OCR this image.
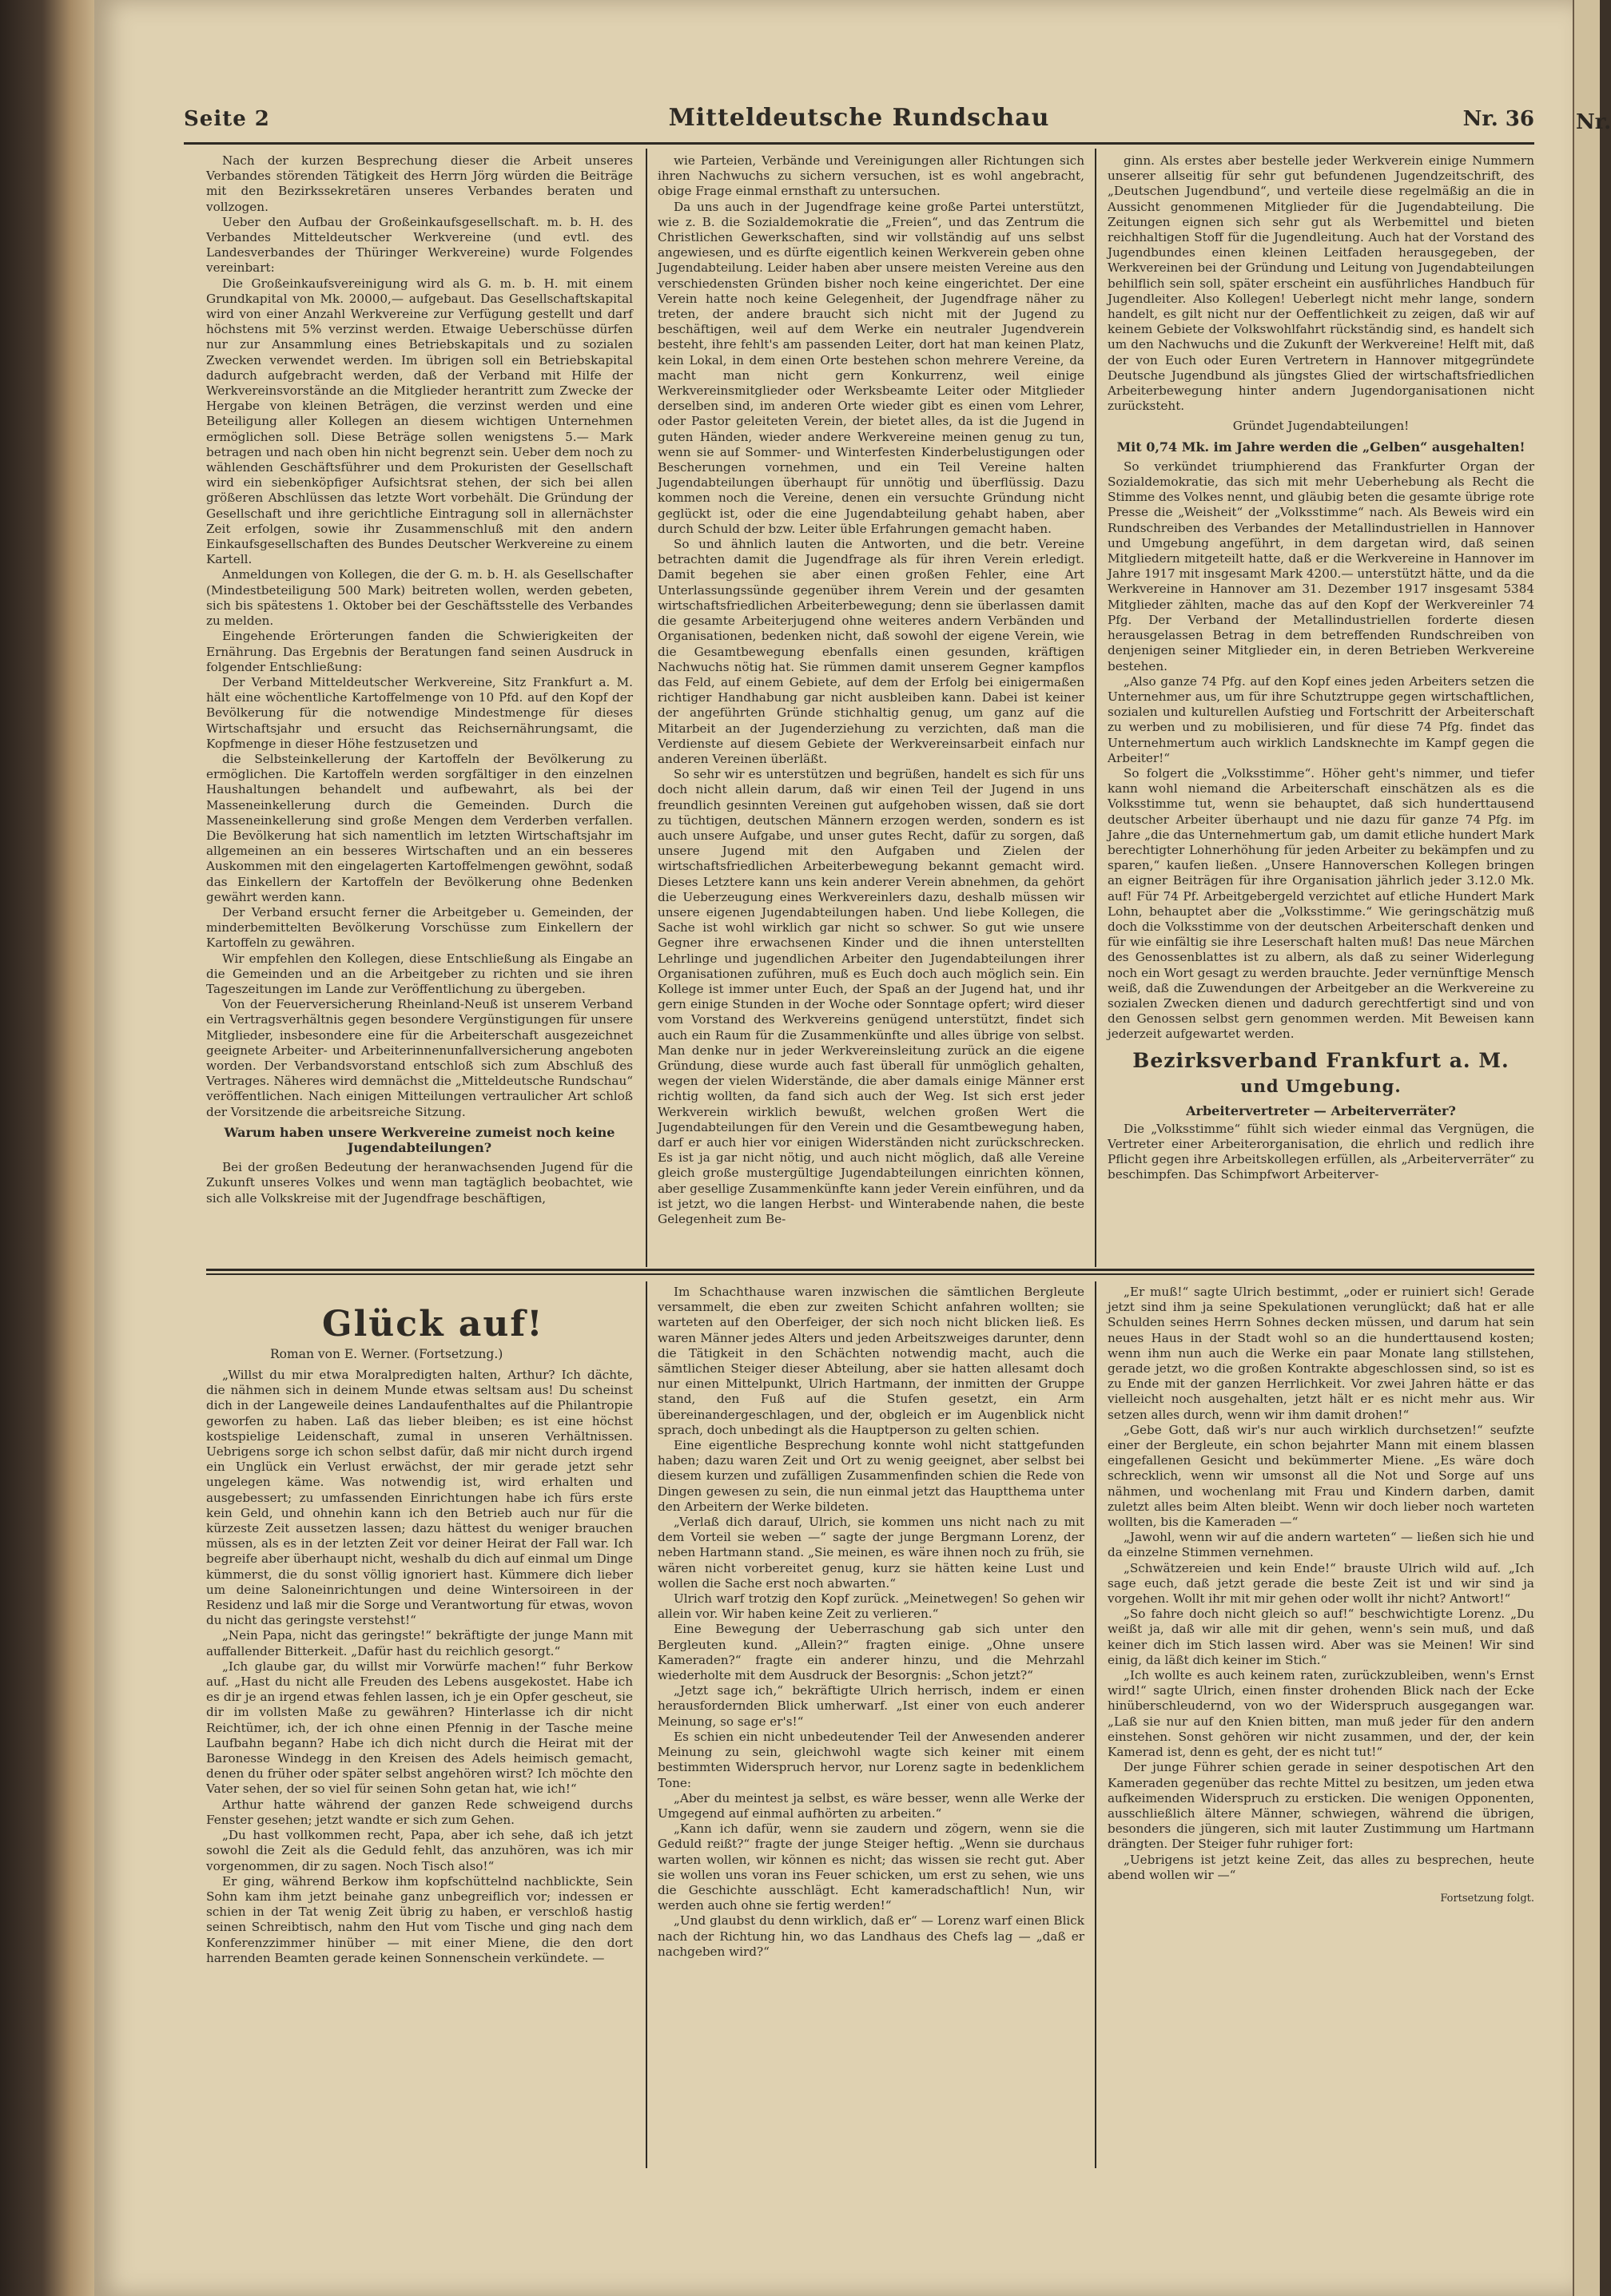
Seite 2	Mitteldeutsche Rundschau	Nr. 36

Nach der kurzen Besprechung dieser die Arbeit unseres Verbandes störenden Tätigkeit des Herrn Jörg würden die Beiträge mit den Bezirkssekretären unseres Verbandes beraten und vollzogen.

Ueber den Aufbau der Großeinkaufsgesellschaft. m. b. H. des Verbandes Mitteldeutscher Werkvereine (und evtl. des Landesverbandes der Thüringer Werkvereine) wurde Folgendes vereinbart:

Die Großeinkaufsvereinigung wird als G. m. b. H. mit einem Grundkapital von Mk. 20000,— aufgebaut. Das Gesellschaftskapital wird von einer Anzahl Werkvereine zur Verfügung gestellt und darf höchstens mit 5% verzinst werden. Etwaige Ueberschüsse dürfen nur zur Ansammlung eines Betriebskapitals und zu sozialen Zwecken verwendet werden. Im übrigen soll ein Betriebskapital dadurch aufgebracht werden, daß der Verband mit Hilfe der Werkvereinsvorstände an die Mitglieder herantritt zum Zwecke der Hergabe von kleinen Beträgen, die verzinst werden und eine Beteiligung aller Kollegen an diesem wichtigen Unternehmen ermöglichen soll. Diese Beträge sollen wenigstens 5.— Mark betragen und nach oben hin nicht begrenzt sein. Ueber dem noch zu wählenden Geschäftsführer und dem Prokuristen der Gesellschaft wird ein siebenköpfiger Aufsichtsrat stehen, der sich bei allen größeren Abschlüssen das letzte Wort vorbehält. Die Gründung der Gesellschaft und ihre gerichtliche Eintragung soll in allernächster Zeit erfolgen, sowie ihr Zusammenschluß mit den andern Einkaufsgesellschaften des Bundes Deutscher Werkvereine zu einem Kartell.

Anmeldungen von Kollegen, die der G. m. b. H. als Gesellschafter (Mindestbeteiligung 500 Mark) beitreten wollen, werden gebeten, sich bis spätestens 1. Oktober bei der Geschäftsstelle des Verbandes zu melden.

Eingehende Erörterungen fanden die Schwierigkeiten der Ernährung. Das Ergebnis der Beratungen fand seinen Ausdruck in folgender Entschließung:

Der Verband Mitteldeutscher Werkvereine, Sitz Frankfurt a. M. hält eine wöchentliche Kartoffelmenge von 10 Pfd. auf den Kopf der Bevölkerung für die notwendige Mindestmenge für dieses Wirtschaftsjahr und ersucht das Reichsernährungsamt, die Kopfmenge in dieser Höhe festzusetzen und

die Selbsteinkellerung der Kartoffeln der Bevölkerung zu ermöglichen. Die Kartoffeln werden sorgfältiger in den einzelnen Haushaltungen behandelt und aufbewahrt, als bei der Masseneinkellerung durch die Gemeinden. Durch die Masseneinkellerung sind große Mengen dem Verderben verfallen. Die Bevölkerung hat sich namentlich im letzten Wirtschaftsjahr im allgemeinen an ein besseres Wirtschaften und an ein besseres Auskommen mit den eingelagerten Kartoffelmengen gewöhnt, sodaß das Einkellern der Kartoffeln der Bevölkerung ohne Bedenken gewährt werden kann.

Der Verband ersucht ferner die Arbeitgeber u. Gemeinden, der minderbemittelten Bevölkerung Vorschüsse zum Einkellern der Kartoffeln zu gewähren.

Wir empfehlen den Kollegen, diese Entschließung als Eingabe an die Gemeinden und an die Arbeitgeber zu richten und sie ihren Tageszeitungen im Lande zur Veröffentlichung zu übergeben.

Von der Feuerversicherung Rheinland-Neuß ist unserem Verband ein Vertragsverhältnis gegen besondere Vergünstigungen für unsere Mitglieder, insbesondere eine für die Arbeiterschaft ausgezeichnet geeignete Arbeiter- und Arbeiterinnenunfallversicherung angeboten worden. Der Verbandsvorstand entschloß sich zum Abschluß des Vertrages. Näheres wird demnächst die „Mitteldeutsche Rundschau“ veröffentlichen. Nach einigen Mitteilungen vertraulicher Art schloß der Vorsitzende die arbeitsreiche Sitzung.

Warum haben unsere Werkvereine zumeist noch keine Jugendabteilungen?

Bei der großen Bedeutung der heranwachsenden Jugend für die Zukunft unseres Volkes und wenn man tagtäglich beobachtet, wie sich alle Volkskreise mit der Jugendfrage beschäftigen,

wie Parteien, Verbände und Vereinigungen aller Richtungen sich ihren Nachwuchs zu sichern versuchen, ist es wohl angebracht, obige Frage einmal ernsthaft zu untersuchen.

Da uns auch in der Jugendfrage keine große Partei unterstützt, wie z. B. die Sozialdemokratie die „Freien“, und das Zentrum die Christlichen Gewerkschaften, sind wir vollständig auf uns selbst angewiesen, und es dürfte eigentlich keinen Werkverein geben ohne Jugendabteilung. Leider haben aber unsere meisten Vereine aus den verschiedensten Gründen bisher noch keine eingerichtet. Der eine Verein hatte noch keine Gelegenheit, der Jugendfrage näher zu treten, der andere braucht sich nicht mit der Jugend zu beschäftigen, weil auf dem Werke ein neutraler Jugendverein besteht, ihre fehlt's am passenden Leiter, dort hat man keinen Platz, kein Lokal, in dem einen Orte bestehen schon mehrere Vereine, da macht man nicht gern Konkurrenz, weil einige Werkvereinsmitglieder oder Werksbeamte Leiter oder Mitglieder derselben sind, im anderen Orte wieder gibt es einen vom Lehrer, oder Pastor geleiteten Verein, der bietet alles, da ist die Jugend in guten Händen, wieder andere Werkvereine meinen genug zu tun, wenn sie auf Sommer- und Winterfesten Kinderbelustigungen oder Bescherungen vornehmen, und ein Teil Vereine halten Jugendabteilungen überhaupt für unnötig und überflüssig. Dazu kommen noch die Vereine, denen ein versuchte Gründung nicht geglückt ist, oder die eine Jugendabteilung gehabt haben, aber durch Schuld der bzw. Leiter üble Erfahrungen gemacht haben.

So und ähnlich lauten die Antworten, und die betr. Vereine betrachten damit die Jugendfrage als für ihren Verein erledigt. Damit begehen sie aber einen großen Fehler, eine Art Unterlassungssünde gegenüber ihrem Verein und der gesamten wirtschaftsfriedlichen Arbeiterbewegung; denn sie überlassen damit die gesamte Arbeiterjugend ohne weiteres andern Verbänden und Organisationen, bedenken nicht, daß sowohl der eigene Verein, wie die Gesamtbewegung ebenfalls einen gesunden, kräftigen Nachwuchs nötig hat. Sie rümmen damit unserem Gegner kampflos das Feld, auf einem Gebiete, auf dem der Erfolg bei einigermaßen richtiger Handhabung gar nicht ausbleiben kann. Dabei ist keiner der angeführten Gründe stichhaltig genug, um ganz auf die Mitarbeit an der Jugenderziehung zu verzichten, daß man die Verdienste auf diesem Gebiete der Werkvereinsarbeit einfach nur anderen Vereinen überläßt.

So sehr wir es unterstützen und begrüßen, handelt es sich für uns doch nicht allein darum, daß wir einen Teil der Jugend in uns freundlich gesinnten Vereinen gut aufgehoben wissen, daß sie dort zu tüchtigen, deutschen Männern erzogen werden, sondern es ist auch unsere Aufgabe, und unser gutes Recht, dafür zu sorgen, daß unsere Jugend mit den Aufgaben und Zielen der wirtschaftsfriedlichen Arbeiterbewegung bekannt gemacht wird. Dieses Letztere kann uns kein anderer Verein abnehmen, da gehört die Ueberzeugung eines Werkvereinlers dazu, deshalb müssen wir unsere eigenen Jugendabteilungen haben. Und liebe Kollegen, die Sache ist wohl wirklich gar nicht so schwer. So gut wie unsere Gegner ihre erwachsenen Kinder und die ihnen unterstellten Lehrlinge und jugendlichen Arbeiter den Jugendabteilungen ihrer Organisationen zuführen, muß es Euch doch auch möglich sein. Ein Kollege ist immer unter Euch, der Spaß an der Jugend hat, und ihr gern einige Stunden in der Woche oder Sonntage opfert; wird dieser vom Vorstand des Werkvereins genügend unterstützt, findet sich auch ein Raum für die Zusammenkünfte und alles übrige von selbst. Man denke nur in jeder Werkvereinsleitung zurück an die eigene Gründung, diese wurde auch fast überall für unmöglich gehalten, wegen der vielen Widerstände, die aber damals einige Männer erst richtig wollten, da fand sich auch der Weg. Ist sich erst jeder Werkverein wirklich bewußt, welchen großen Wert die Jugendabteilungen für den Verein und die Gesamtbewegung haben, darf er auch hier vor einigen Widerständen nicht zurückschrecken. Es ist ja gar nicht nötig, und auch nicht möglich, daß alle Vereine gleich große mustergültige Jugendabteilungen einrichten können, aber gesellige Zusammenkünfte kann jeder Verein einführen, und da ist jetzt, wo die langen Herbst- und Winterabende nahen, die beste Gelegenheit zum Be-

ginn. Als erstes aber bestelle jeder Werkverein einige Nummern unserer allseitig für sehr gut befundenen Jugendzeitschrift, des „Deutschen Jugendbund“, und verteile diese regelmäßig an die in Aussicht genommenen Mitglieder für die Jugendabteilung. Die Zeitungen eignen sich sehr gut als Werbemittel und bieten reichhaltigen Stoff für die Jugendleitung. Auch hat der Vorstand des Jugendbundes einen kleinen Leitfaden herausgegeben, der Werkvereinen bei der Gründung und Leitung von Jugendabteilungen behilflich sein soll, später erscheint ein ausführliches Handbuch für Jugendleiter. Also Kollegen! Ueberlegt nicht mehr lange, sondern handelt, es gilt nicht nur der Oeffentlichkeit zu zeigen, daß wir auf keinem Gebiete der Volkswohlfahrt rückständig sind, es handelt sich um den Nachwuchs und die Zukunft der Werkvereine! Helft mit, daß der von Euch oder Euren Vertretern in Hannover mitgegründete Deutsche Jugendbund als jüngstes Glied der wirtschaftsfriedlichen Arbeiterbewegung hinter andern Jugendorganisationen nicht zurücksteht.

Gründet Jugendabteilungen!

Mit 0,74 Mk. im Jahre werden die „Gelben“ ausgehalten!

So verkündet triumphierend das Frankfurter Organ der Sozialdemokratie, das sich mit mehr Ueberhebung als Recht die Stimme des Volkes nennt, und gläubig beten die gesamte übrige rote Presse die „Weisheit“ der „Volksstimme“ nach. Als Beweis wird ein Rundschreiben des Verbandes der Metallindustriellen in Hannover und Umgebung angeführt, in dem dargetan wird, daß seinen Mitgliedern mitgeteilt hatte, daß er die Werkvereine in Hannover im Jahre 1917 mit insgesamt Mark 4200.— unterstützt hätte, und da die Werkvereine in Hannover am 31. Dezember 1917 insgesamt 5384 Mitglieder zählten, mache das auf den Kopf der Werkvereinler 74 Pfg. Der Verband der Metallindustriellen forderte diesen herausgelassen Betrag in dem betreffenden Rundschreiben von denjenigen seiner Mitglieder ein, in deren Betrieben Werkvereine bestehen.

„Also ganze 74 Pfg. auf den Kopf eines jeden Arbeiters setzen die Unternehmer aus, um für ihre Schutztruppe gegen wirtschaftlichen, sozialen und kulturellen Aufstieg und Fortschritt der Arbeiterschaft zu werben und zu mobilisieren, und für diese 74 Pfg. findet das Unternehmertum auch wirklich Landsknechte im Kampf gegen die Arbeiter!“

So folgert die „Volksstimme“. Höher geht's nimmer, und tiefer kann wohl niemand die Arbeiterschaft einschätzen als es die Volksstimme tut, wenn sie behauptet, daß sich hunderttausend deutscher Arbeiter überhaupt und nie dazu für ganze 74 Pfg. im Jahre „die das Unternehmertum gab, um damit etliche hundert Mark berechtigter Lohnerhöhung für jeden Arbeiter zu bekämpfen und zu sparen,“ kaufen ließen. „Unsere Hannoverschen Kollegen bringen an eigner Beiträgen für ihre Organisation jährlich jeder 3.12.0 Mk. auf! Für 74 Pf. Arbeitgebergeld verzichtet auf etliche Hundert Mark Lohn, behauptet aber die „Volksstimme.“ Wie geringschätzig muß doch die Volksstimme von der deutschen Arbeiterschaft denken und für wie einfältig sie ihre Leserschaft halten muß! Das neue Märchen des Genossenblattes ist zu albern, als daß zu seiner Widerlegung noch ein Wort gesagt zu werden brauchte. Jeder vernünftige Mensch weiß, daß die Zuwendungen der Arbeitgeber an die Werkvereine zu sozialen Zwecken dienen und dadurch gerechtfertigt sind und von den Genossen selbst gern genommen werden. Mit Beweisen kann jederzeit aufgewartet werden.

Bezirksverband Frankfurt a. M.

und Umgebung.

Arbeitervertreter — Arbeiterverräter?

Die „Volksstimme“ fühlt sich wieder einmal das Vergnügen, die Vertreter einer Arbeiterorganisation, die ehrlich und redlich ihre Pflicht gegen ihre Arbeitskollegen erfüllen, als „Arbeiterverräter“ zu beschimpfen. Das Schimpfwort Arbeiterver-

Glück auf!
Roman von E. Werner. (Fortsetzung.)

„Willst du mir etwa Moralpredigten halten, Arthur? Ich dächte, die nähmen sich in deinem Munde etwas seltsam aus! Du scheinst dich in der Langeweile deines Landaufenthaltes auf die Philantropie geworfen zu haben. Laß das lieber bleiben; es ist eine höchst kostspielige Leidenschaft, zumal in unseren Verhältnissen. Uebrigens sorge ich schon selbst dafür, daß mir nicht durch irgend ein Unglück ein Verlust erwächst, der mir gerade jetzt sehr ungelegen käme. Was notwendig ist, wird erhalten und ausgebessert; zu umfassenden Einrichtungen habe ich fürs erste kein Geld, und ohnehin kann ich den Betrieb auch nur für die kürzeste Zeit aussetzen lassen; dazu hättest du weniger brauchen müssen, als es in der letzten Zeit vor deiner Heirat der Fall war. Ich begreife aber überhaupt nicht, weshalb du dich auf einmal um Dinge kümmerst, die du sonst völlig ignoriert hast. Kümmere dich lieber um deine Saloneinrichtungen und deine Wintersoireen in der Residenz und laß mir die Sorge und Verantwortung für etwas, wovon du nicht das geringste verstehst!“

„Nein Papa, nicht das geringste!“ bekräftigte der junge Mann mit auffallender Bitterkeit. „Dafür hast du reichlich gesorgt.“

„Ich glaube gar, du willst mir Vorwürfe machen!“ fuhr Berkow auf. „Hast du nicht alle Freuden des Lebens ausgekostet. Habe ich es dir je an irgend etwas fehlen lassen, ich je ein Opfer gescheut, sie dir im vollsten Maße zu gewähren? Hinterlasse ich dir nicht Reichtümer, ich, der ich ohne einen Pfennig in der Tasche meine Laufbahn begann? Habe ich dich nicht durch die Heirat mit der Baronesse Windegg in den Kreisen des Adels heimisch gemacht, denen du früher oder später selbst angehören wirst? Ich möchte den Vater sehen, der so viel für seinen Sohn getan hat, wie ich!“

Arthur hatte während der ganzen Rede schweigend durchs Fenster gesehen; jetzt wandte er sich zum Gehen.

„Du hast vollkommen recht, Papa, aber ich sehe, daß ich jetzt sowohl die Zeit als die Geduld fehlt, das anzuhören, was ich mir vorgenommen, dir zu sagen. Noch Tisch also!“

Er ging, während Berkow ihm kopfschüttelnd nachblickte, Sein Sohn kam ihm jetzt beinahe ganz unbegreiflich vor; indessen er schien in der Tat wenig Zeit übrig zu haben, er verschloß hastig seinen Schreibtisch, nahm den Hut vom Tische und ging nach dem Konferenzzimmer hinüber — mit einer Miene, die den dort harrenden Beamten gerade keinen Sonnenschein verkündete. —

Im Schachthause waren inzwischen die sämtlichen Bergleute versammelt, die eben zur zweiten Schicht anfahren wollten; sie warteten auf den Oberfeiger, der sich noch nicht blicken ließ. Es waren Männer jedes Alters und jeden Arbeitszweiges darunter, denn die Tätigkeit in den Schächten notwendig macht, auch die sämtlichen Steiger dieser Abteilung, aber sie hatten allesamt doch nur einen Mittelpunkt, Ulrich Hartmann, der inmitten der Gruppe stand, den Fuß auf die Stufen gesetzt, ein Arm übereinandergeschlagen, und der, obgleich er im Augenblick nicht sprach, doch unbedingt als die Hauptperson zu gelten schien.

Eine eigentliche Besprechung konnte wohl nicht stattgefunden haben; dazu waren Zeit und Ort zu wenig geeignet, aber selbst bei diesem kurzen und zufälligen Zusammenfinden schien die Rede von Dingen gewesen zu sein, die nun einmal jetzt das Hauptthema unter den Arbeitern der Werke bildeten.

„Verlaß dich darauf, Ulrich, sie kommen uns nicht nach zu mit dem Vorteil sie weben —“ sagte der junge Bergmann Lorenz, der neben Hartmann stand. „Sie meinen, es wäre ihnen noch zu früh, sie wären nicht vorbereitet genug, kurz sie hätten keine Lust und wollen die Sache erst noch abwarten.“

Ulrich warf trotzig den Kopf zurück. „Meinetwegen! So gehen wir allein vor. Wir haben keine Zeit zu verlieren.“

Eine Bewegung der Ueberraschung gab sich unter den Bergleuten kund. „Allein?“ fragten einige. „Ohne unsere Kameraden?“ fragte ein anderer hinzu, und die Mehrzahl wiederholte mit dem Ausdruck der Besorgnis: „Schon jetzt?“

„Jetzt sage ich,“ bekräftigte Ulrich herrisch, indem er einen herausfordernden Blick umherwarf. „Ist einer von euch anderer Meinung, so sage er's!“

Es schien ein nicht unbedeutender Teil der Anwesenden anderer Meinung zu sein, gleichwohl wagte sich keiner mit einem bestimmten Widerspruch hervor, nur Lorenz sagte in bedenklichem Tone:

„Aber du meintest ja selbst, es wäre besser, wenn alle Werke der Umgegend auf einmal aufhörten zu arbeiten.“

„Kann ich dafür, wenn sie zaudern und zögern, wenn sie die Geduld reißt?“ fragte der junge Steiger heftig. „Wenn sie durchaus warten wollen, wir können es nicht; das wissen sie recht gut. Aber sie wollen uns voran ins Feuer schicken, um erst zu sehen, wie uns die Geschichte ausschlägt. Echt kameradschaftlich! Nun, wir werden auch ohne sie fertig werden!“

„Und glaubst du denn wirklich, daß er“ — Lorenz warf einen Blick nach der Richtung hin, wo das Landhaus des Chefs lag — „daß er nachgeben wird?“

„Er muß!“ sagte Ulrich bestimmt, „oder er ruiniert sich! Gerade jetzt sind ihm ja seine Spekulationen verunglückt; daß hat er alle Schulden seines Herrn Sohnes decken müssen, und darum hat sein neues Haus in der Stadt wohl so an die hunderttausend kosten; wenn ihm nun auch die Werke ein paar Monate lang stillstehen, gerade jetzt, wo die großen Kontrakte abgeschlossen sind, so ist es zu Ende mit der ganzen Herrlichkeit. Vor zwei Jahren hätte er das vielleicht noch ausgehalten, jetzt hält er es nicht mehr aus. Wir setzen alles durch, wenn wir ihm damit drohen!“

„Gebe Gott, daß wir's nur auch wirklich durchsetzen!“ seufzte einer der Bergleute, ein schon bejahrter Mann mit einem blassen eingefallenen Gesicht und bekümmerter Miene. „Es wäre doch schrecklich, wenn wir umsonst all die Not und Sorge auf uns nähmen, und wochenlang mit Frau und Kindern darben, damit zuletzt alles beim Alten bleibt. Wenn wir doch lieber noch warteten wollten, bis die Kameraden —“

„Jawohl, wenn wir auf die andern warteten“ — ließen sich hie und da einzelne Stimmen vernehmen.

„Schwätzereien und kein Ende!“ brauste Ulrich wild auf. „Ich sage euch, daß jetzt gerade die beste Zeit ist und wir sind ja vorgehen. Wollt ihr mit mir gehen oder wollt ihr nicht? Antwort!“

„So fahre doch nicht gleich so auf!“ beschwichtigte Lorenz. „Du weißt ja, daß wir alle mit dir gehen, wenn's sein muß, und daß keiner dich im Stich lassen wird. Aber was sie Meinen! Wir sind einig, da läßt dich keiner im Stich.“

„Ich wollte es auch keinem raten, zurückzubleiben, wenn's Ernst wird!“ sagte Ulrich, einen finster drohenden Blick nach der Ecke hinüberschleudernd, von wo der Widerspruch ausgegangen war. „Laß sie nur auf den Knien bitten, man muß jeder für den andern einstehen. Sonst gehören wir nicht zusammen, und der, der kein Kamerad ist, denn es geht, der es nicht tut!“

Der junge Führer schien gerade in seiner despotischen Art den Kameraden gegenüber das rechte Mittel zu besitzen, um jeden etwa aufkeimenden Widerspruch zu ersticken. Die wenigen Opponenten, ausschließlich ältere Männer, schwiegen, während die übrigen, besonders die jüngeren, sich mit lauter Zustimmung um Hartmann drängten. Der Steiger fuhr ruhiger fort:

„Uebrigens ist jetzt keine Zeit, das alles zu besprechen, heute abend wollen wir —“

Fortsetzung folgt.

Nr.
